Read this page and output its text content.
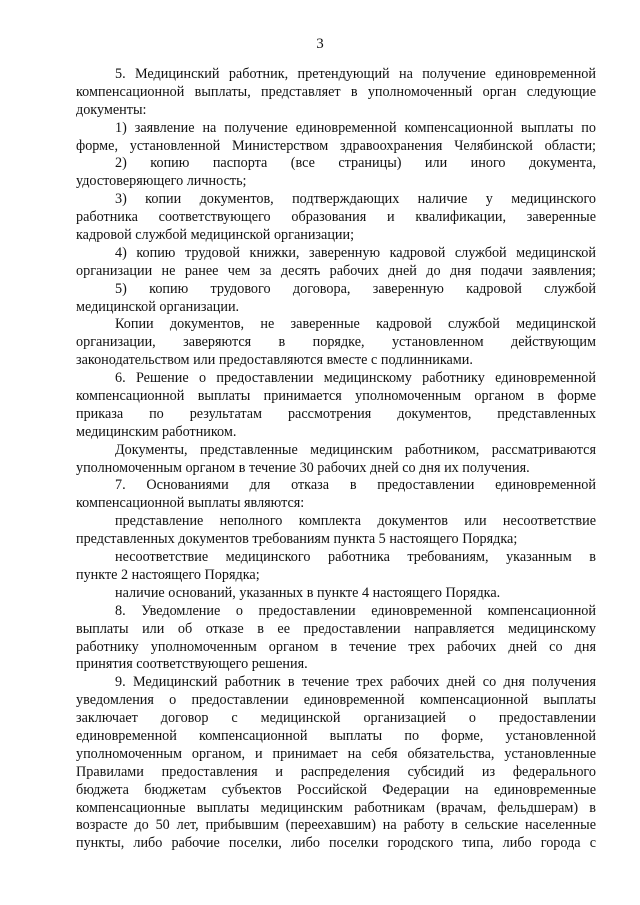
3
5. Медицинский работник, претендующий на получение единовременной
компенсационной выплаты, представляет в уполномоченный орган следующие
документы:
1) заявление на получение единовременной компенсационной выплаты по
форме, установленной Министерством здравоохранения Челябинской области;
2) копию паспорта (все страницы) или иного документа,
удостоверяющего личность;
3) копии документов, подтверждающих наличие у медицинского
работника соответствующего образования и квалификации, заверенные
кадровой службой медицинской организации;
4) копию трудовой книжки, заверенную кадровой службой медицинской
организации не ранее чем за десять рабочих дней до дня подачи заявления;
5) копию трудового договора, заверенную кадровой службой
медицинской организации.
Копии документов, не заверенные кадровой службой медицинской
организации, заверяются в порядке, установленном действующим
законодательством или предоставляются вместе с подлинниками.
6. Решение о предоставлении медицинскому работнику единовременной
компенсационной выплаты принимается уполномоченным органом в форме
приказа по результатам рассмотрения документов, представленных
медицинским работником.
Документы, представленные медицинским работником, рассматриваются
уполномоченным органом в течение 30 рабочих дней со дня их получения.
7. Основаниями для отказа в предоставлении единовременной
компенсационной выплаты являются:
представление неполного комплекта документов или несоответствие
представленных документов требованиям пункта 5 настоящего Порядка;
несоответствие медицинского работника требованиям, указанным в
пункте 2 настоящего Порядка;
наличие оснований, указанных в пункте 4 настоящего Порядка.
8. Уведомление о предоставлении единовременной компенсационной
выплаты или об отказе в ее предоставлении направляется медицинскому
работнику уполномоченным органом в течение трех рабочих дней со дня
принятия соответствующего решения.
9. Медицинский работник в течение трех рабочих дней со дня получения
уведомления о предоставлении единовременной компенсационной выплаты
заключает договор с медицинской организацией о предоставлении
единовременной компенсационной выплаты по форме, установленной
уполномоченным органом, и принимает на себя обязательства, установленные
Правилами предоставления и распределения субсидий из федерального
бюджета бюджетам субъектов Российской Федерации на единовременные
компенсационные выплаты медицинским работникам (врачам, фельдшерам) в
возрасте до 50 лет, прибывшим (переехавшим) на работу в сельские населенные
пункты, либо рабочие поселки, либо поселки городского типа, либо города с
